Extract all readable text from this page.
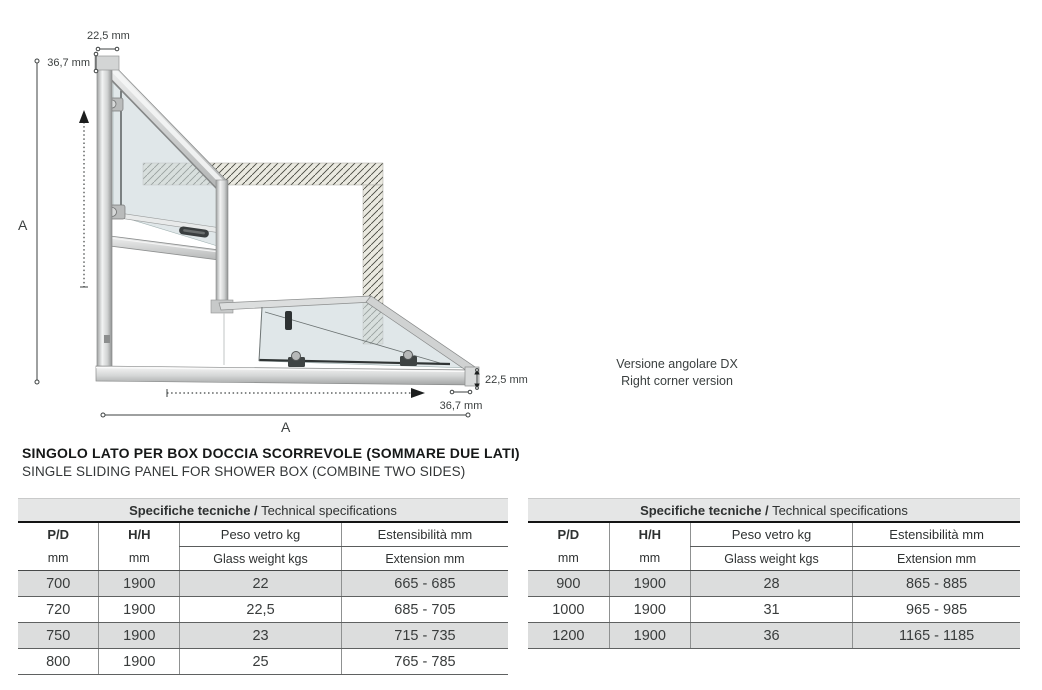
22,5 mm
36,7 mm
A
A
22,5 mm
36,7 mm
Versione angolare DX
Right corner version
SINGOLO LATO PER BOX DOCCIA SCORREVOLE (SOMMARE DUE LATI)
SINGLE SLIDING PANEL FOR SHOWER BOX (COMBINE TWO SIDES)
Specifiche tecniche / Technical specifications			
P/D	H/H	Peso vetro kg	Estensibilità mm
mm	mm	Glass weight kgs	Extension mm
700	1900	22	665 - 685
720	1900	22,5	685 - 705
750	1900	23	715 - 735
800	1900	25	765 - 785
Specifiche tecniche / Technical specifications			
P/D	H/H	Peso vetro kg	Estensibilità mm
mm	mm	Glass weight kgs	Extension mm
900	1900	28	865 - 885
1000	1900	31	965 - 985
1200	1900	36	1165 - 1185
